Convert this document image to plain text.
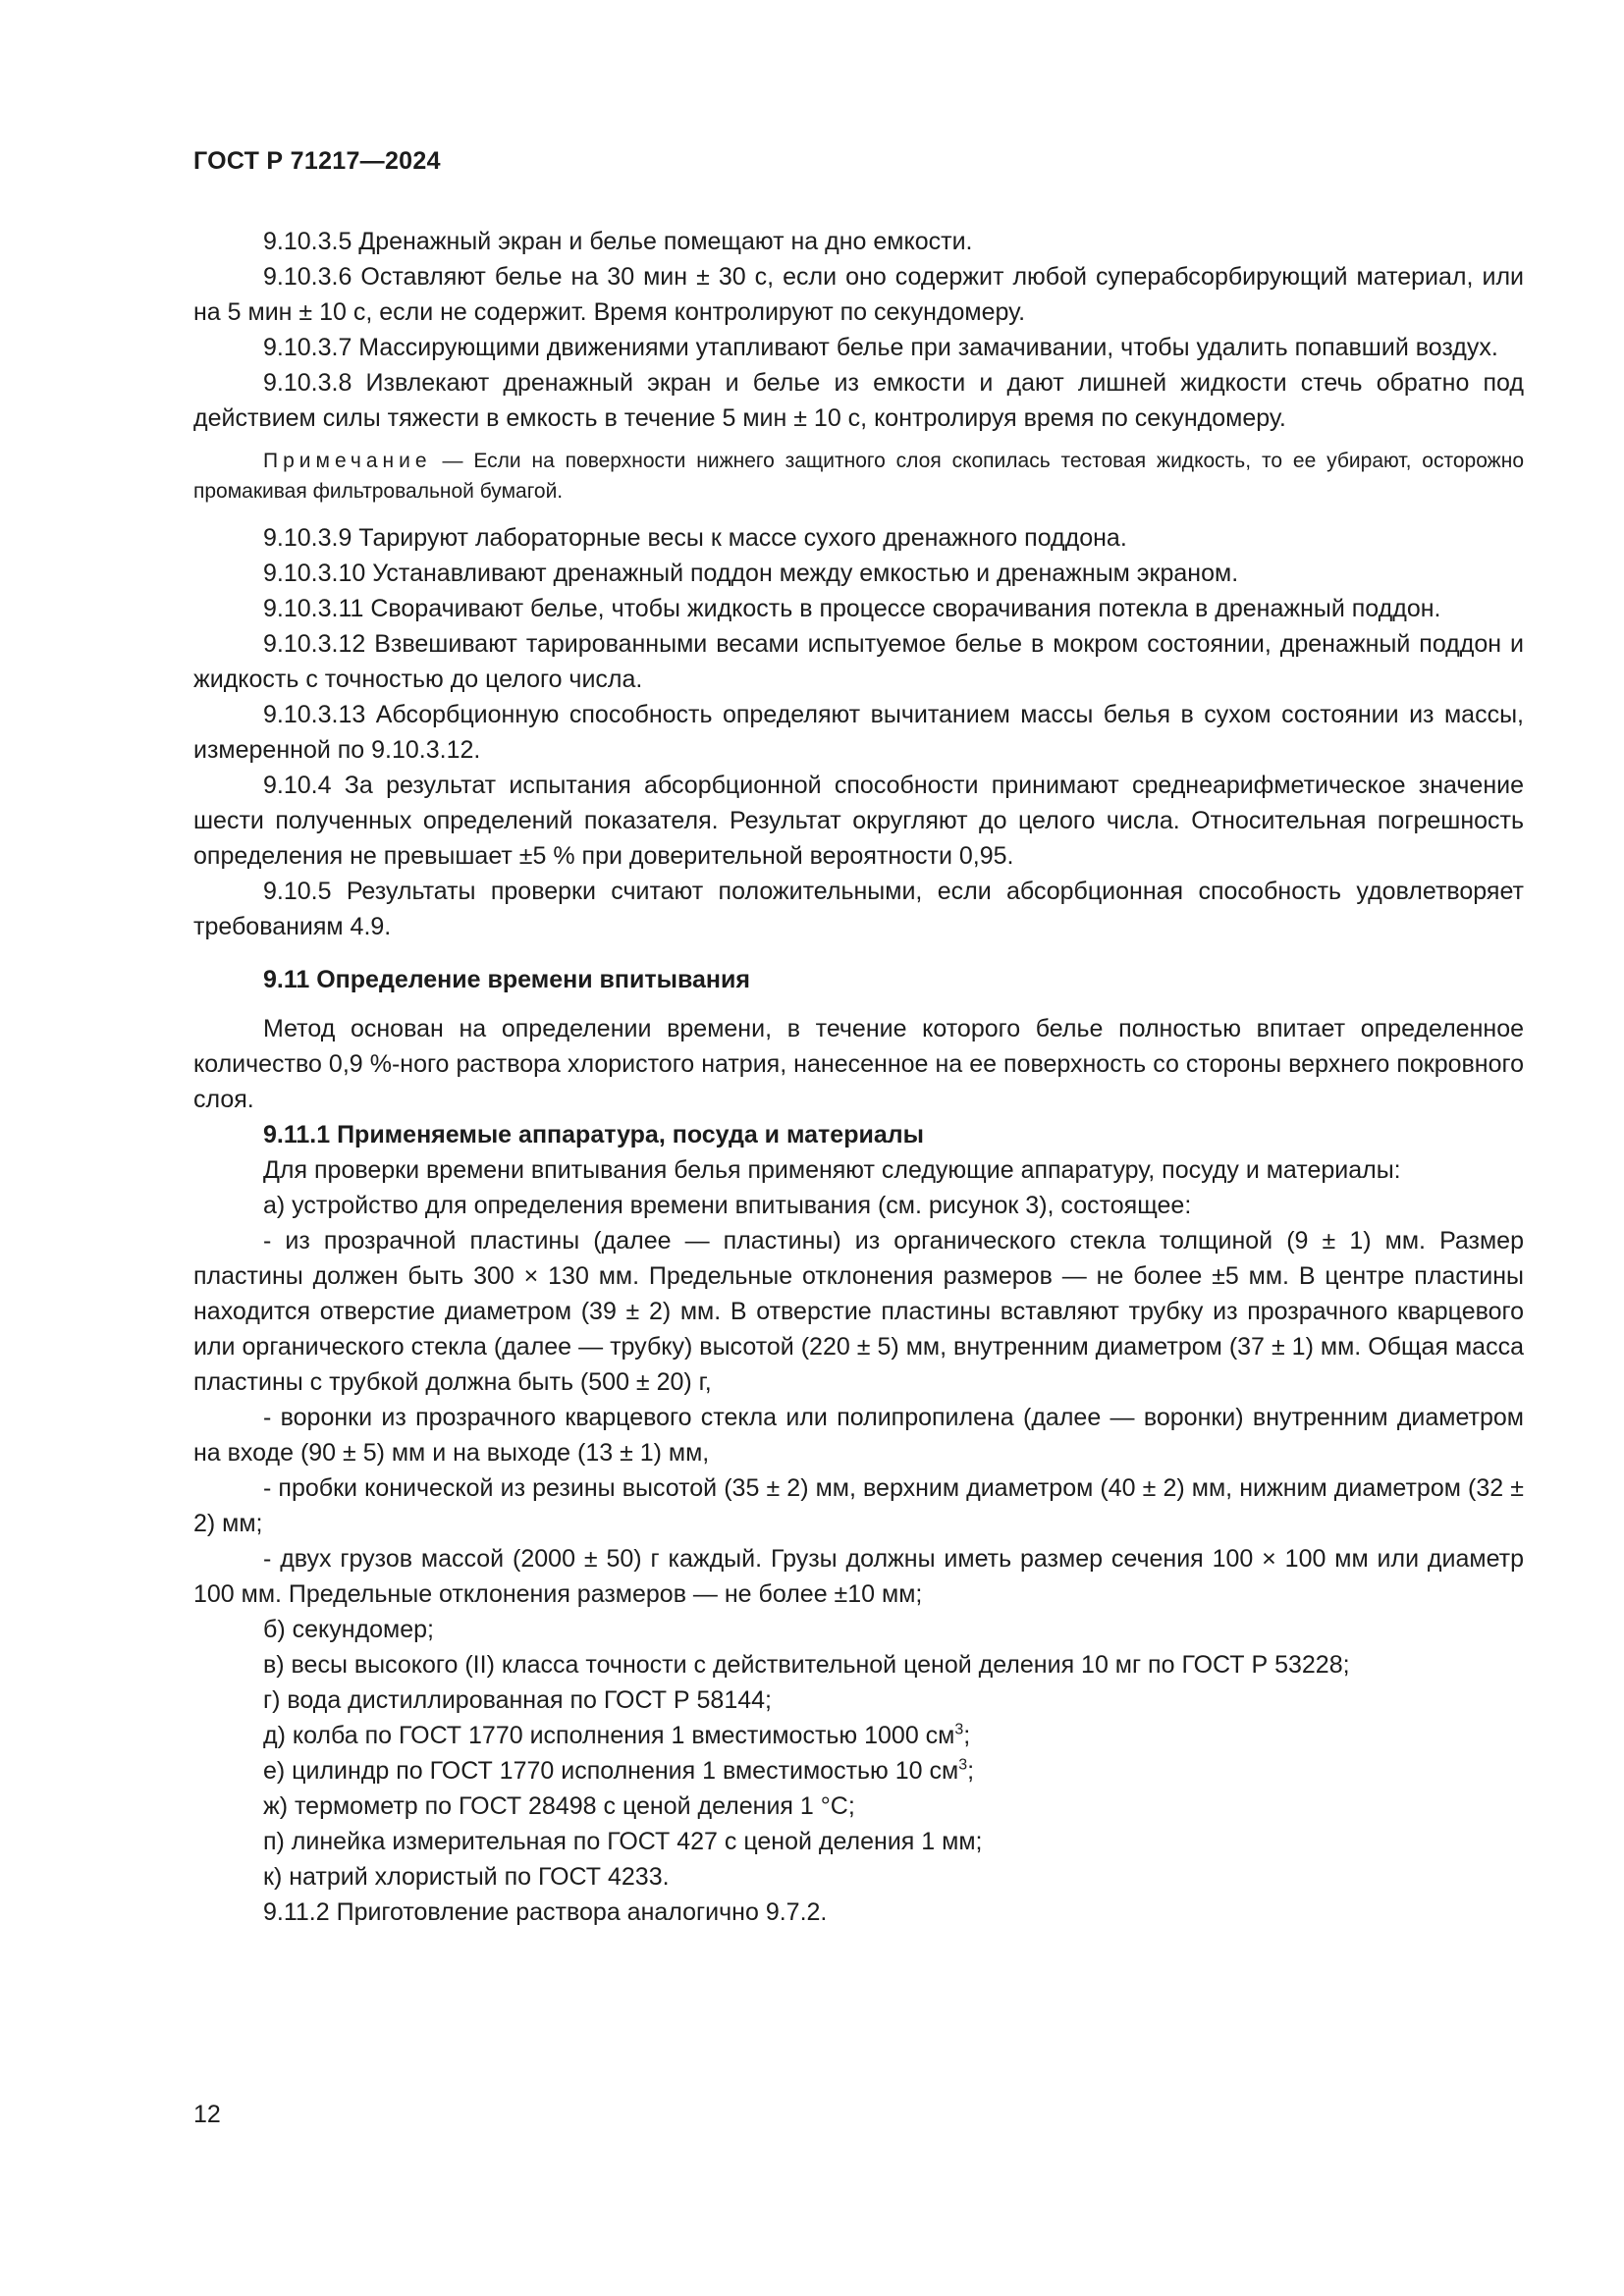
ГОСТ Р 71217—2024

9.10.3.5 Дренажный экран и белье помещают на дно емкости.

9.10.3.6 Оставляют белье на 30 мин ± 30 с, если оно содержит любой суперабсорбирующий материал, или на 5 мин ± 10 с, если не содержит. Время контролируют по секундомеру.

9.10.3.7 Массирующими движениями утапливают белье при замачивании, чтобы удалить попавший воздух.

9.10.3.8 Извлекают дренажный экран и белье из емкости и дают лишней жидкости стечь обратно под действием силы тяжести в емкость в течение 5 мин ± 10 с, контролируя время по секундомеру.

Примечание — Если на поверхности нижнего защитного слоя скопилась тестовая жидкость, то ее убирают, осторожно промакивая фильтровальной бумагой.

9.10.3.9 Тарируют лабораторные весы к массе сухого дренажного поддона.

9.10.3.10 Устанавливают дренажный поддон между емкостью и дренажным экраном.

9.10.3.11 Сворачивают белье, чтобы жидкость в процессе сворачивания потекла в дренажный поддон.

9.10.3.12 Взвешивают тарированными весами испытуемое белье в мокром состоянии, дренажный поддон и жидкость с точностью до целого числа.

9.10.3.13 Абсорбционную способность определяют вычитанием массы белья в сухом состоянии из массы, измеренной по 9.10.3.12.

9.10.4 За результат испытания абсорбционной способности принимают среднеарифметическое значение шести полученных определений показателя. Результат округляют до целого числа. Относительная погрешность определения не превышает ±5 % при доверительной вероятности 0,95.

9.10.5 Результаты проверки считают положительными, если абсорбционная способность удовлетворяет требованиям 4.9.

9.11 Определение времени впитывания

Метод основан на определении времени, в течение которого белье полностью впитает определенное количество 0,9 %-ного раствора хлористого натрия, нанесенное на ее поверхность со стороны верхнего покровного слоя.

9.11.1 Применяемые аппаратура, посуда и материалы

Для проверки времени впитывания белья применяют следующие аппаратуру, посуду и материалы:

а) устройство для определения времени впитывания (см. рисунок 3), состоящее:

- из прозрачной пластины (далее — пластины) из органического стекла толщиной (9 ± 1) мм. Размер пластины должен быть 300 × 130 мм. Предельные отклонения размеров — не более ±5 мм. В центре пластины находится отверстие диаметром (39 ± 2) мм. В отверстие пластины вставляют трубку из прозрачного кварцевого или органического стекла (далее — трубку) высотой (220 ± 5) мм, внутренним диаметром (37 ± 1) мм. Общая масса пластины с трубкой должна быть (500 ± 20) г,

- воронки из прозрачного кварцевого стекла или полипропилена (далее — воронки) внутренним диаметром на входе (90 ± 5) мм и на выходе (13 ± 1) мм,

- пробки конической из резины высотой (35 ± 2) мм, верхним диаметром (40 ± 2) мм, нижним диаметром (32 ± 2) мм;

- двух грузов массой (2000 ± 50) г каждый. Грузы должны иметь размер сечения 100 × 100 мм или диаметр 100 мм. Предельные отклонения размеров — не более ±10 мм;

б) секундомер;

в) весы высокого (II) класса точности с действительной ценой деления 10 мг по ГОСТ Р 53228;

г) вода дистиллированная по ГОСТ Р 58144;

д) колба по ГОСТ 1770 исполнения 1 вместимостью 1000 $см^3$;

е) цилиндр по ГОСТ 1770 исполнения 1 вместимостью 10 $см^3$;

ж) термометр по ГОСТ 28498 с ценой деления 1 °С;

п) линейка измерительная по ГОСТ 427 с ценой деления 1 мм;

к) натрий хлористый по ГОСТ 4233.

9.11.2 Приготовление раствора аналогично 9.7.2.

12
